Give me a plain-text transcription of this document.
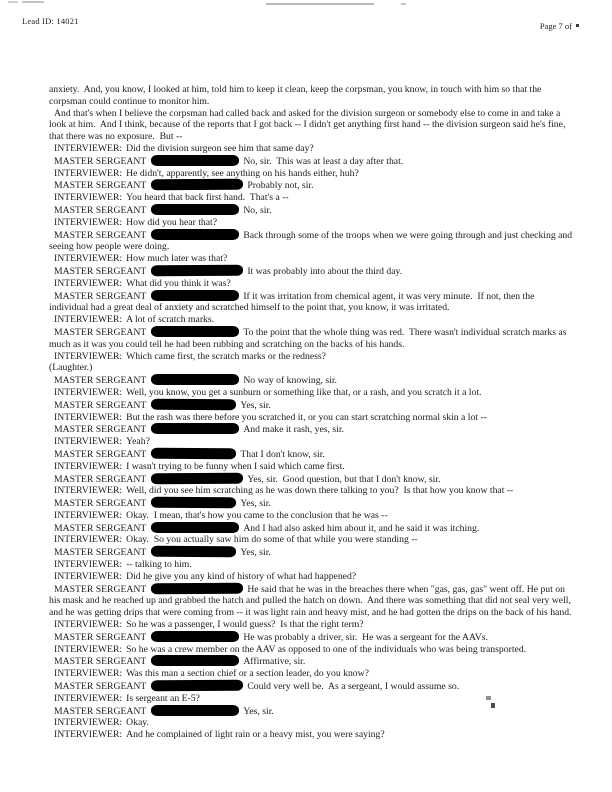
Lead ID: 14021	Page 7 of

anxiety.  And, you know, I looked at him, told him to keep it clean, keep the corpsman, you know, in touch with him so that the corpsman could continue to monitor him.

And that's when I believe the corpsman had called back and asked for the division surgeon or somebody else to come in and take a look at him.  And I think, because of the reports that I got back -- I didn't get anything first hand -- the division surgeon said he's fine, that there was no exposure.  But --

INTERVIEWER: Did the division surgeon see him that same day?

MASTER SERGEANT	No, sir.  This was at least a day after that.

INTERVIEWER: He didn't, apparently, see anything on his hands either, huh?

MASTER SERGEANT	Probably not, sir.

INTERVIEWER: You heard that back first hand.  That's a --

MASTER SERGEANT	No, sir.

INTERVIEWER: How did you hear that?

MASTER SERGEANT	Back through some of the troops when we were going through and just checking and seeing how people were doing.

INTERVIEWER: How much later was that?

MASTER SERGEANT	It was probably into about the third day.

INTERVIEWER: What did you think it was?

MASTER SERGEANT	If it was irritation from chemical agent, it was very minute.  If not, then the individual had a great deal of anxiety and scratched himself to the point that, you know, it was irritated.

INTERVIEWER: A lot of scratch marks.

MASTER SERGEANT	To the point that the whole thing was red.  There wasn't individual scratch marks as much as it was you could tell he had been rubbing and scratching on the backs of his hands.

INTERVIEWER: Which came first, the scratch marks or the redness?

(Laughter.)

MASTER SERGEANT	No way of knowing, sir.

INTERVIEWER: Well, you know, you get a sunburn or something like that, or a rash, and you scratch it a lot.

MASTER SERGEANT	Yes, sir.

INTERVIEWER: But the rash was there before you scratched it, or you can start scratching normal skin a lot --

MASTER SERGEANT	And make it rash, yes, sir.

INTERVIEWER: Yeah?

MASTER SERGEANT	That I don't know, sir.

INTERVIEWER: I wasn't trying to be funny when I said which came first.

MASTER SERGEANT	Yes, sir.  Good question, but that I don't know, sir.

INTERVIEWER: Well, did you see him scratching as he was down there talking to you?  Is that how you know that --

MASTER SERGEANT	Yes, sir.

INTERVIEWER: Okay.  I mean, that's how you came to the conclusion that he was --

MASTER SERGEANT	And I had also asked him about it, and he said it was itching.

INTERVIEWER: Okay.  So you actually saw him do some of that while you were standing --

MASTER SERGEANT	Yes, sir.

INTERVIEWER: -- talking to him.

INTERVIEWER: Did he give you any kind of history of what had happened?

MASTER SERGEANT	He said that he was in the breaches there when "gas, gas, gas" went off. He put on his mask and he reached up and grabbed the hatch and pulled the hatch on down.  And there was something that did not seal very well, and he was getting drips that were coming from -- it was light rain and heavy mist, and he had gotten the drips on the back of his hand.

INTERVIEWER: So he was a passenger, I would guess?  Is that the right term?

MASTER SERGEANT	He was probably a driver, sir.  He was a sergeant for the AAVs.

INTERVIEWER: So he was a crew member on the AAV as opposed to one of the individuals who was being transported.

MASTER SERGEANT	Affirmative, sir.

INTERVIEWER: Was this man a section chief or a section leader, do you know?

MASTER SERGEANT	Could very well be.  As a sergeant, I would assume so.

INTERVIEWER: Is sergeant an E-5?

MASTER SERGEANT	Yes, sir.

INTERVIEWER: Okay.

INTERVIEWER: And he complained of light rain or a heavy mist, you were saying?
